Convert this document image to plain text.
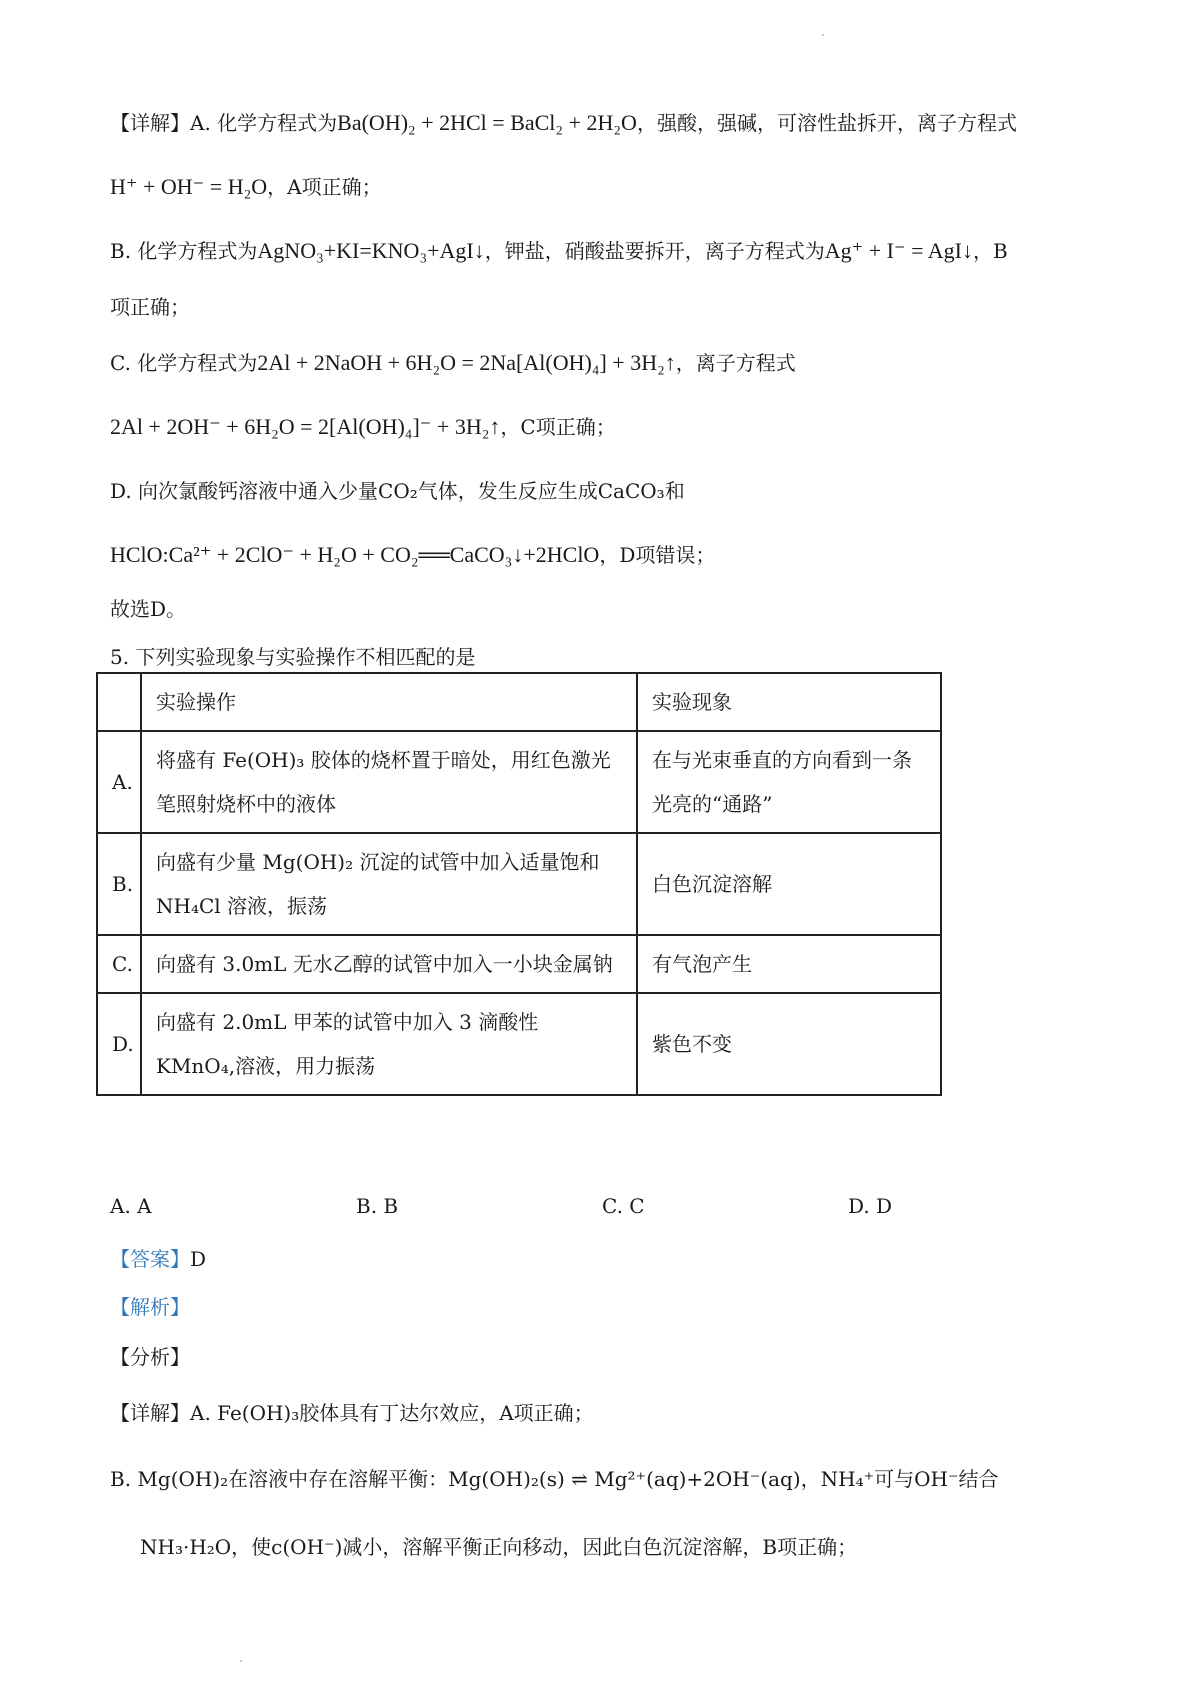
【详解】A. 化学方程式为Ba(OH)₂ + 2HCl = BaCl₂ + 2H₂O，强酸，强碱，可溶性盐拆开，离子方程式
H⁺ + OH⁻ = H₂O，A项正确；
B. 化学方程式为AgNO₃+KI=KNO₃+AgI↓，钾盐，硝酸盐要拆开，离子方程式为Ag⁺ + I⁻ = AgI↓，B
项正确；
C. 化学方程式为2Al + 2NaOH + 6H₂O = 2Na[Al(OH)₄] + 3H₂↑，离子方程式
2Al + 2OH⁻ + 6H₂O = 2[Al(OH)₄]⁻ + 3H₂↑，C项正确；
D. 向次氯酸钙溶液中通入少量CO₂气体，发生反应生成CaCO₃和
HClO:Ca²⁺ + 2ClO⁻ + H₂O + CO₂══CaCO₃↓+2HClO，D项错误；
故选D。
5. 下列实验现象与实验操作不相匹配的是
	实验操作	实验现象
A.	将盛有 Fe(OH)₃ 胶体的烧杯置于暗处，用红色激光笔照射烧杯中的液体	在与光束垂直的方向看到一条光亮的“通路”
B.	向盛有少量 Mg(OH)₂ 沉淀的试管中加入适量饱和NH₄Cl 溶液，振荡	白色沉淀溶解
C.	向盛有 3.0mL 无水乙醇的试管中加入一小块金属钠	有气泡产生
D.	向盛有 2.0mL 甲苯的试管中加入 3 滴酸性 KMnO₄,溶液，用力振荡	紫色不变
A. A	B. B	C. C	D. D
【答案】D
【解析】
【分析】
【详解】A. Fe(OH)₃胶体具有丁达尔效应，A项正确；
B. Mg(OH)₂在溶液中存在溶解平衡：Mg(OH)₂(s) ⇌ Mg²⁺(aq)+2OH⁻(aq)，NH₄⁺可与OH⁻结合
NH₃·H₂O，使c(OH⁻)减小，溶解平衡正向移动，因此白色沉淀溶解，B项正确；
